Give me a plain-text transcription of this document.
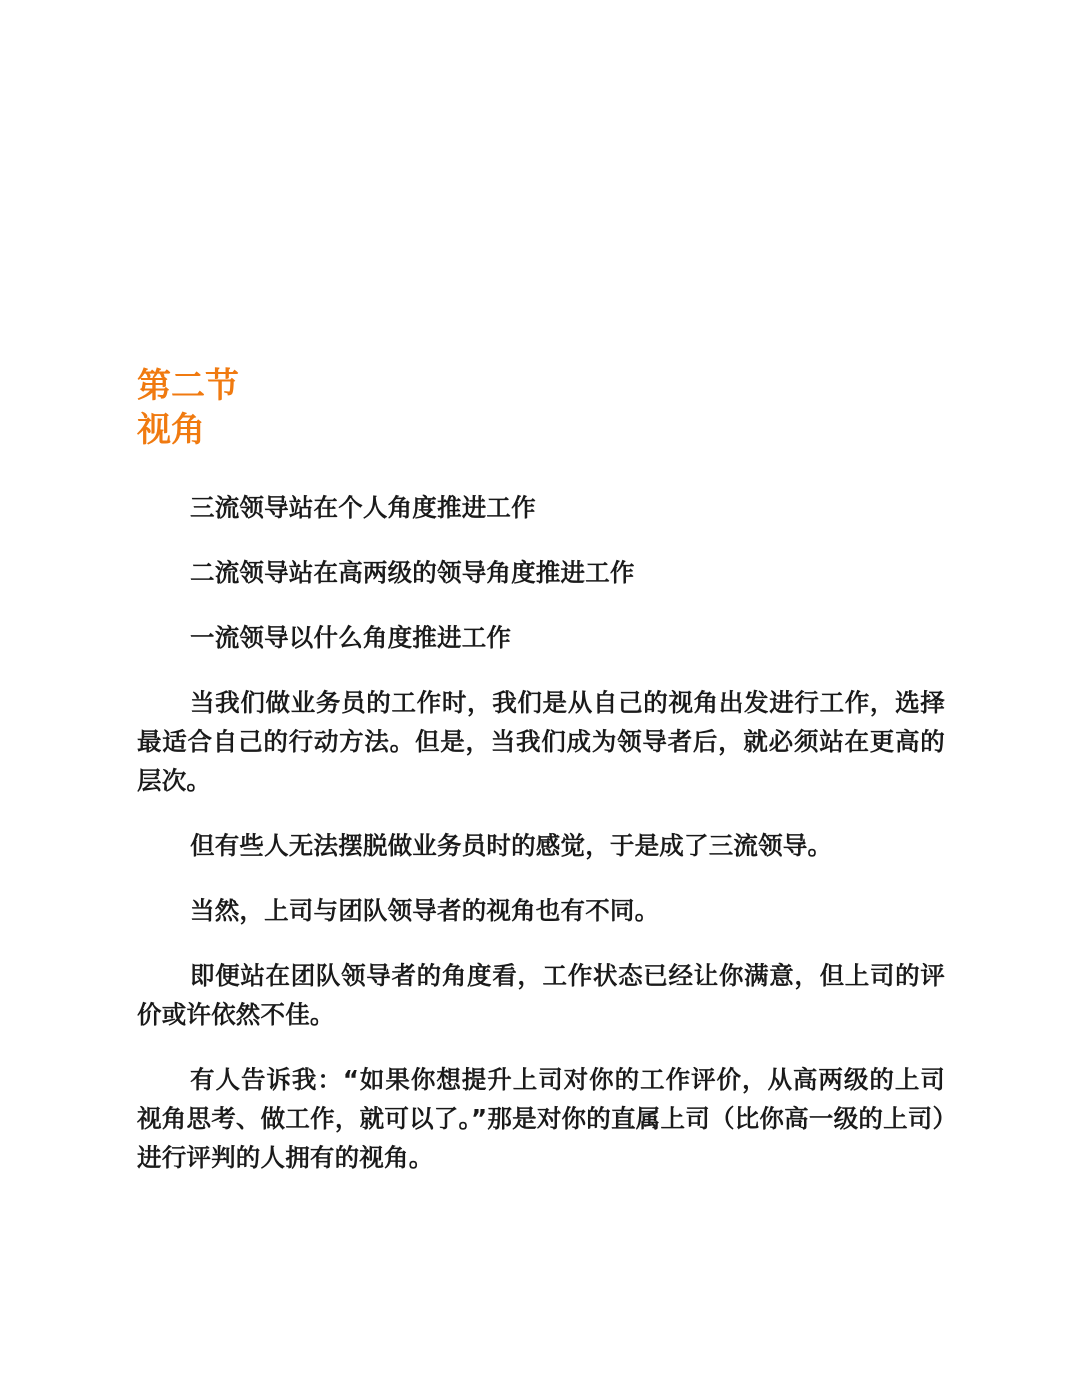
第二节
视角

三流领导站在个人角度推进工作

二流领导站在高两级的领导角度推进工作

一流领导以什么角度推进工作

当我们做业务员的工作时，我们是从自己的视角出发进行工作，选择最适合自己的行动方法。但是，当我们成为领导者后，就必须站在更高的层次。

但有些人无法摆脱做业务员时的感觉，于是成了三流领导。

当然，上司与团队领导者的视角也有不同。

即便站在团队领导者的角度看，工作状态已经让你满意，但上司的评价或许依然不佳。

有人告诉我：“如果你想提升上司对你的工作评价，从高两级的上司视角思考、做工作，就可以了。”那是对你的直属上司（比你高一级的上司）进行评判的人拥有的视角。
